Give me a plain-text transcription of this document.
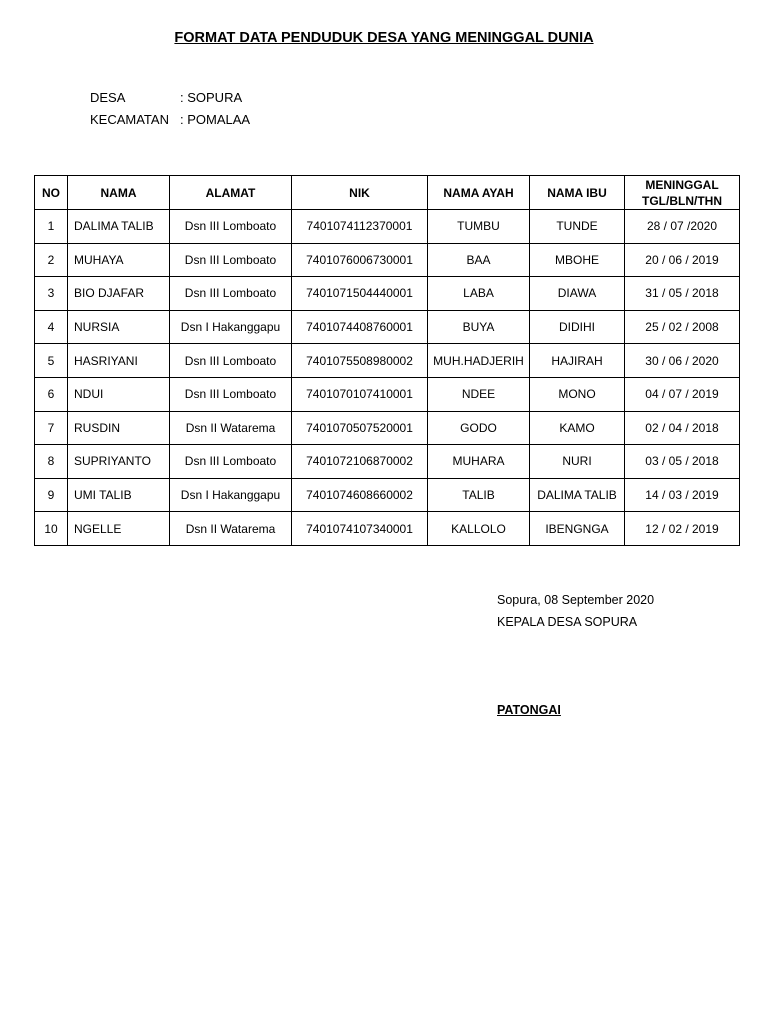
FORMAT DATA PENDUDUK DESA YANG MENINGGAL DUNIA
DESA	: SOPURA
KECAMATAN : POMALAA
NO	NAMA	ALAMAT	NIK	NAMA AYAH	NAMA IBU	MENINGGAL
TGL/BLN/THN
1	DALIMA TALIB	Dsn III Lomboato	7401074112370001	TUMBU	TUNDE	28 / 07 /2020
2	MUHAYA	Dsn III Lomboato	7401076006730001	BAA	MBOHE	20 / 06 / 2019
3	BIO DJAFAR	Dsn III Lomboato	7401071504440001	LABA	DIAWA	31 / 05 / 2018
4	NURSIA	Dsn I Hakanggapu	7401074408760001	BUYA	DIDIHI	25 / 02 / 2008
5	HASRIYANI	Dsn III Lomboato	7401075508980002	MUH.HADJERIH	HAJIRAH	30 / 06 / 2020
6	NDUI	Dsn III Lomboato	7401070107410001	NDEE	MONO	04 / 07 / 2019
7	RUSDIN	Dsn II Watarema	7401070507520001	GODO	KAMO	02 / 04 / 2018
8	SUPRIYANTO	Dsn III Lomboato	7401072106870002	MUHARA	NURI	03 / 05 / 2018
9	UMI TALIB	Dsn I Hakanggapu	7401074608660002	TALIB	DALIMA TALIB	14 / 03 / 2019
10	NGELLE	Dsn II Watarema	7401074107340001	KALLOLO	IBENGNGA	12 / 02 / 2019
Sopura, 08 September 2020
KEPALA DESA SOPURA
PATONGAI
